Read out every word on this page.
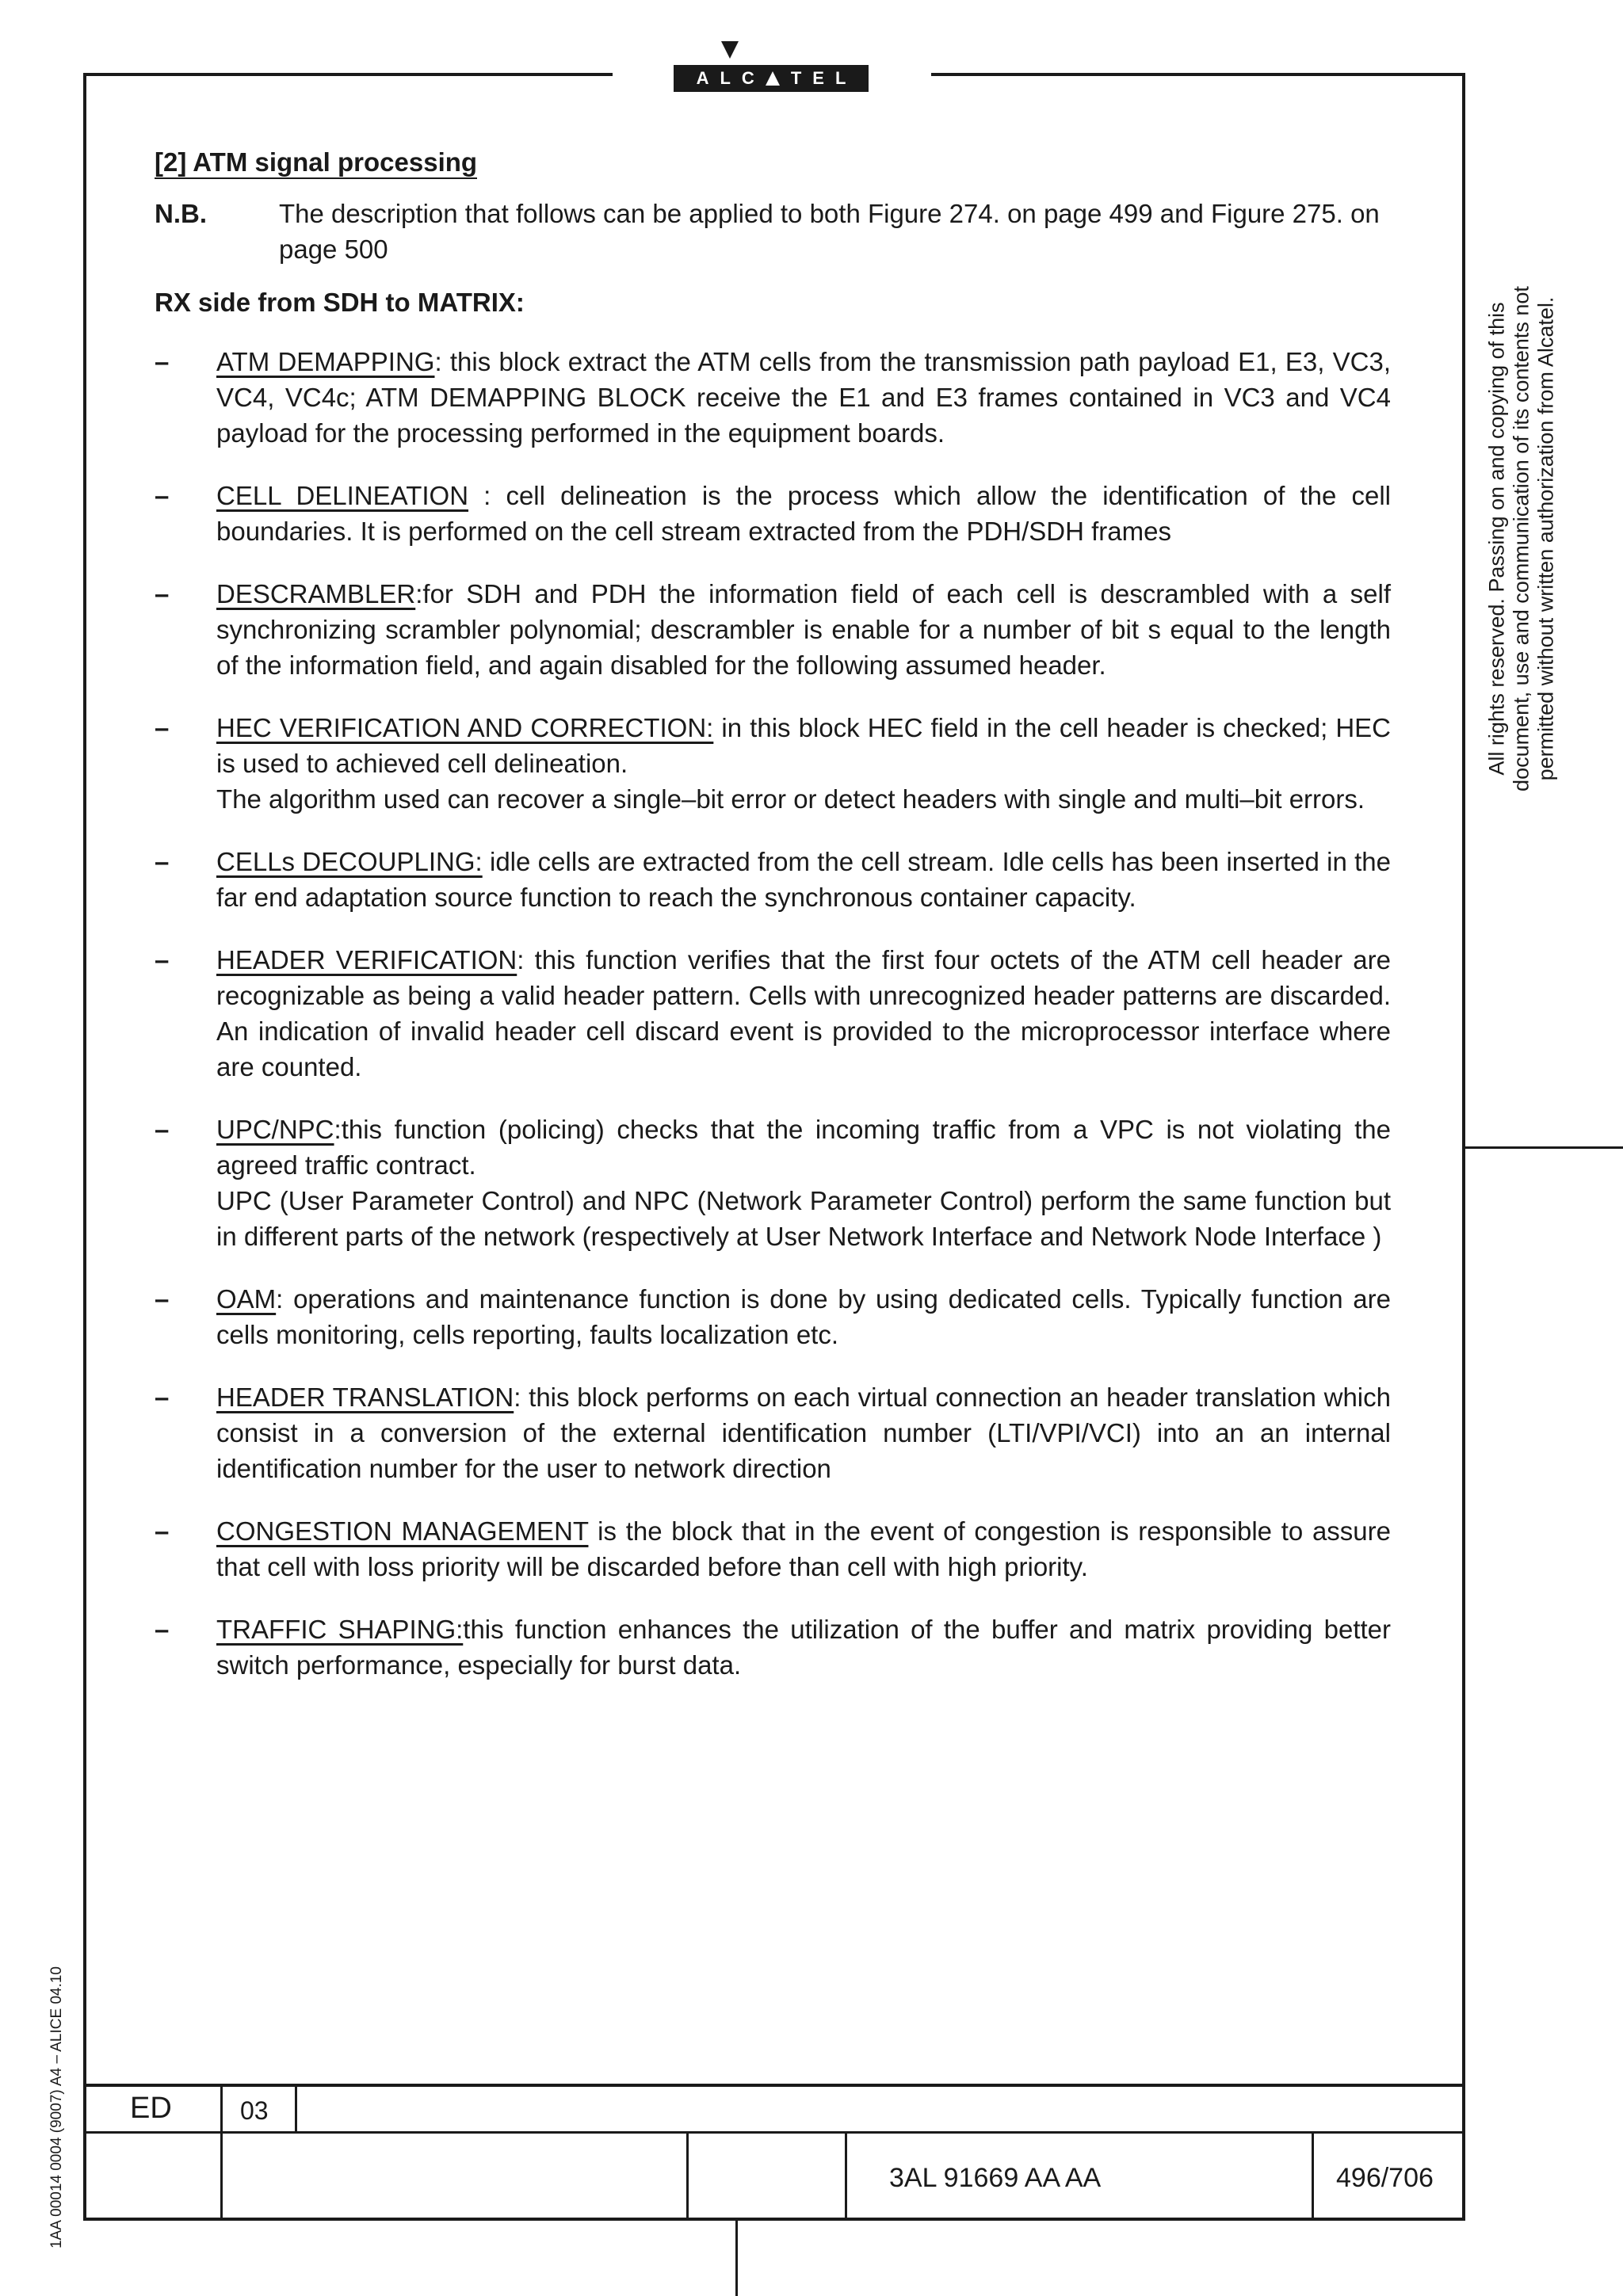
ALC TEL
All rights reserved. Passing on and copying of this document, use and communication of its contents not permitted without written authorization from Alcatel.
1AA 00014 0004 (9007) A4 – ALICE 04.10
[2] ATM signal processing
N.B.	The description that follows can be applied to both Figure 274. on page 499 and Figure 275. on page 500
RX side from SDH to MATRIX:
– ATM DEMAPPING: this block extract the ATM cells from the transmission path payload E1, E3, VC3, VC4, VC4c; ATM DEMAPPING BLOCK receive the E1 and E3 frames contained in VC3 and VC4 payload for the processing performed in the equipment boards.
– CELL DELINEATION : cell delineation is the process which allow the identification of the cell boundaries. It is performed on the cell stream extracted from the PDH/SDH frames
– DESCRAMBLER:for SDH and PDH the information field of each cell is descrambled with a self synchronizing scrambler polynomial; descrambler is enable for a number of bit s equal to the length of the information field, and again disabled for the following assumed header.
– HEC VERIFICATION AND CORRECTION: in this block HEC field in the cell header is checked; HEC is used to achieved cell delineation.
The algorithm used can recover a single–bit error or detect headers with single and multi–bit errors.
– CELLs DECOUPLING: idle cells are extracted from the cell stream. Idle cells has been inserted in the far end adaptation source function to reach the synchronous container capacity.
– HEADER VERIFICATION: this function verifies that the first four octets of the ATM cell header are recognizable as being a valid header pattern. Cells with unrecognized header patterns are discarded. An indication of invalid header cell discard event is provided to the microprocessor interface where are counted.
– UPC/NPC:this function (policing) checks that the incoming traffic from a VPC is not violating the agreed traffic contract.
UPC (User Parameter Control) and NPC (Network Parameter Control) perform the same function but in different parts of the network (respectively at User Network Interface and Network Node Interface )
– OAM: operations and maintenance function is done by using dedicated cells. Typically function are cells monitoring, cells reporting, faults localization etc.
– HEADER TRANSLATION: this block performs on each virtual connection an header translation which consist in a conversion of the external identification number (LTI/VPI/VCI) into an an internal identification number for the user to network direction
– CONGESTION MANAGEMENT is the block that in the event of congestion is responsible to assure that cell with loss priority will be discarded before than cell with high priority.
– TRAFFIC SHAPING:this function enhances the utilization of the buffer and matrix providing better switch performance, especially for burst data.
ED	03
3AL 91669 AA AA	496/706
